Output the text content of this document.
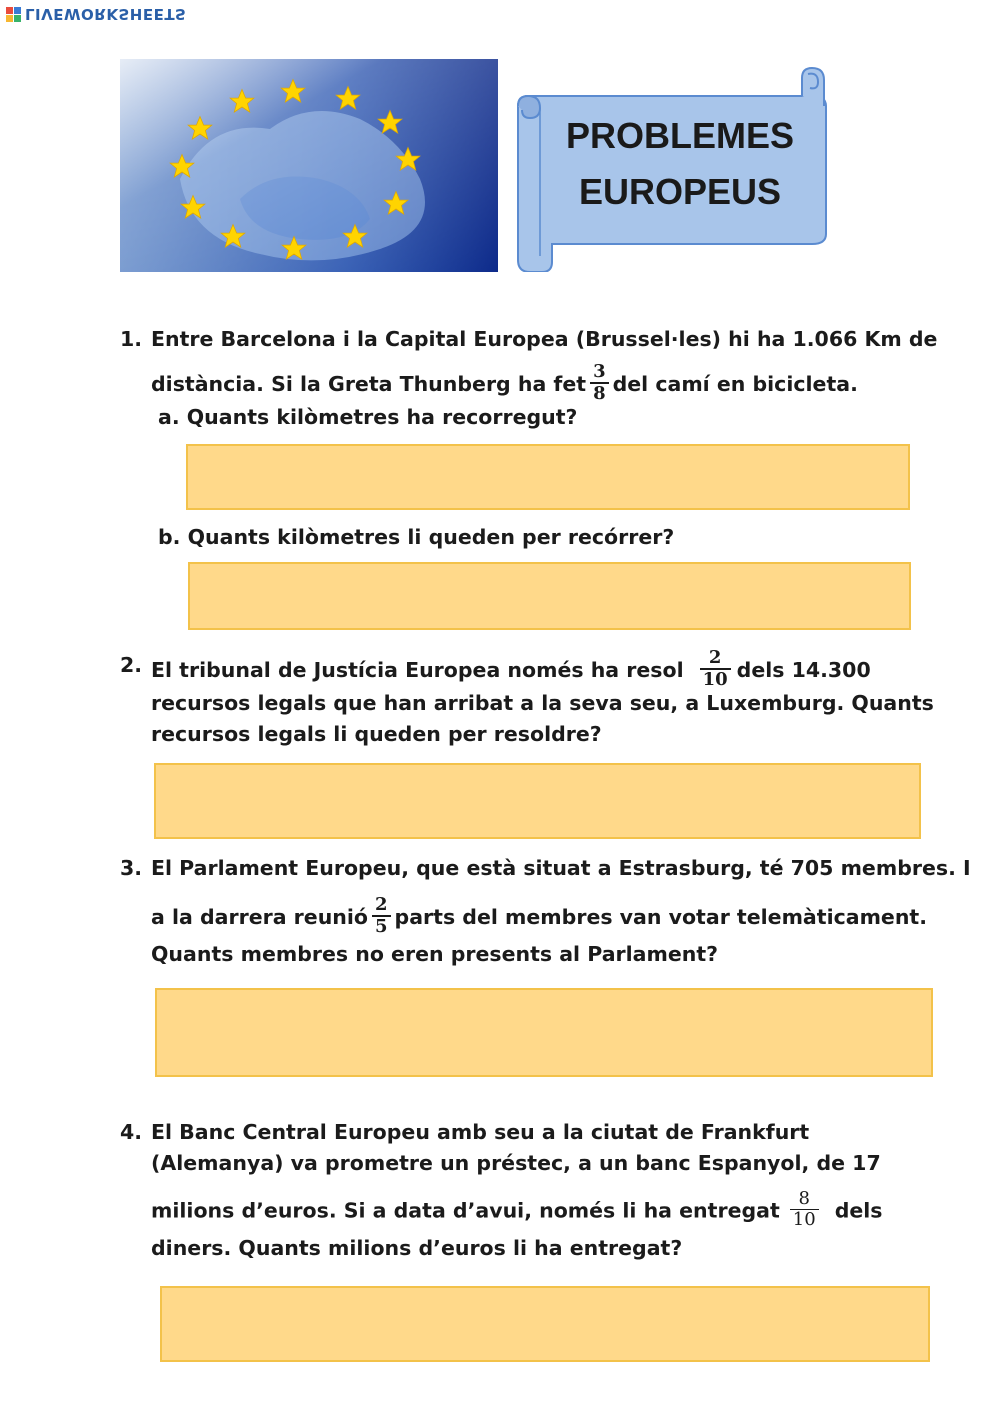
LIVEWORKSHEETS
PROBLEMES
EUROPEUS
1. Entre Barcelona i la Capital Europea (Brussel·les) hi ha 1.066 Km de
distància. Si la Greta Thunberg ha fet $\frac{3}{8}$ del camí en bicicleta.
a. Quants kilòmetres ha recorregut?
b. Quants kilòmetres li queden per recórrer?
2. El tribunal de Justícia Europea només ha resol $\frac{2}{10}$ dels 14.300
recursos legals que han arribat a la seva seu, a Luxemburg. Quants
recursos legals li queden per resoldre?
3. El Parlament Europeu, que està situat a Estrasburg, té 705 membres. I
a la darrera reunió $\frac{2}{5}$ parts del membres van votar telemàticament.
Quants membres no eren presents al Parlament?
4. El Banc Central Europeu amb seu a la ciutat de Frankfurt
(Alemanya) va prometre un préstec, a un banc Espanyol, de 17
milions d’euros. Si a data d’avui, només li ha entregat $\frac{8}{10}$ dels
diners. Quants milions d’euros li ha entregat?
